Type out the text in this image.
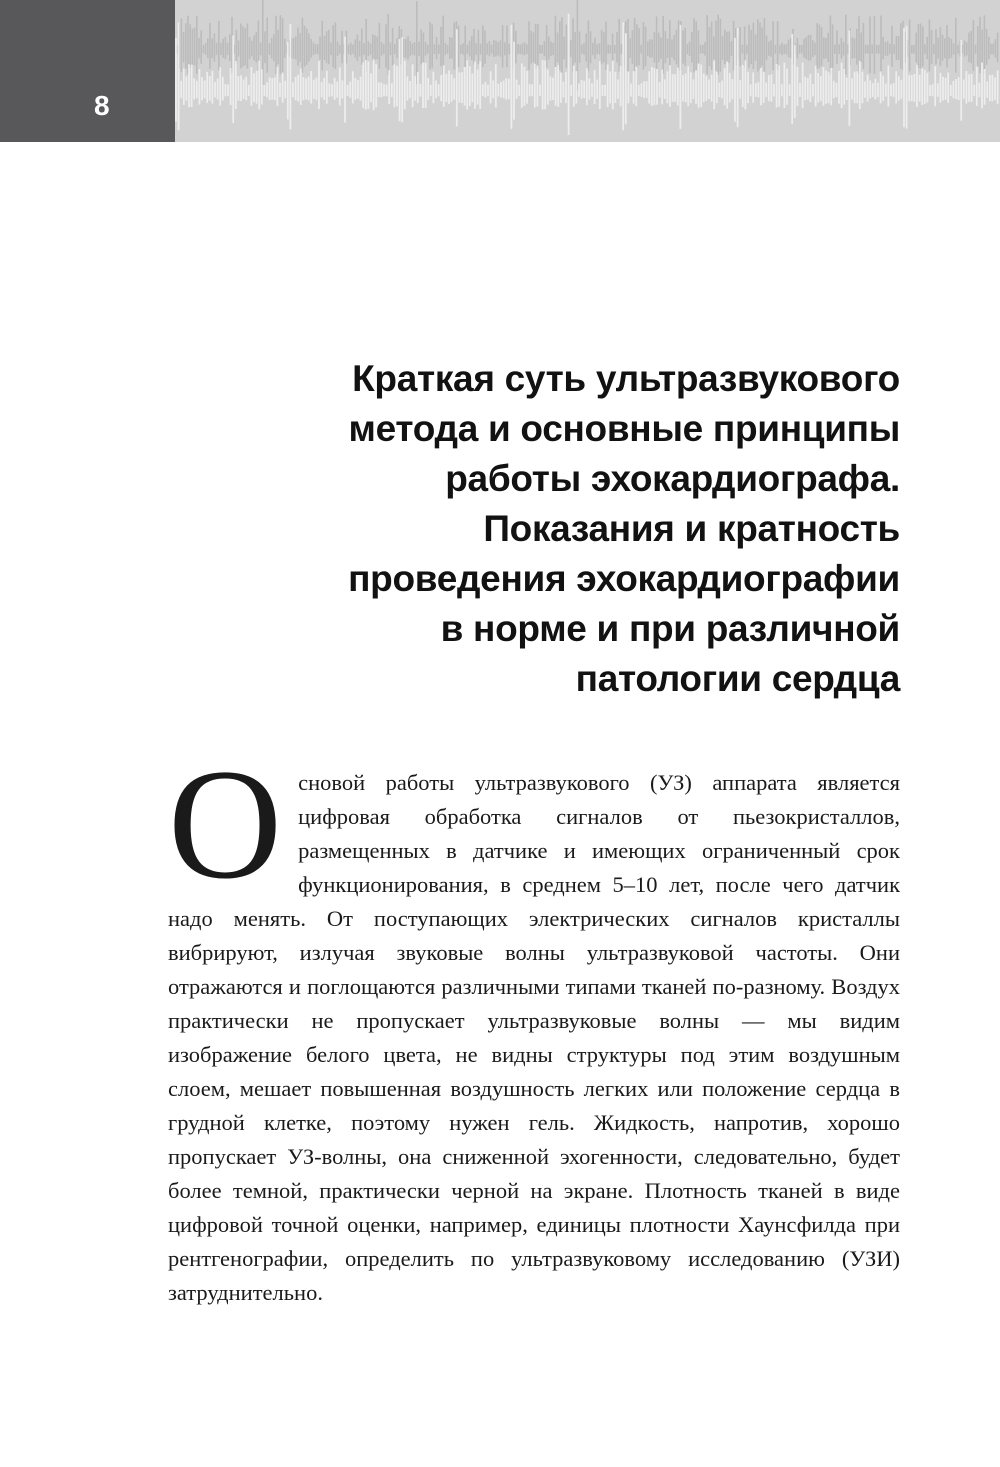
8
Краткая суть ультразвукового
метода и основные принципы
работы эхокардиографа.
Показания и кратность
проведения эхокардиографии
в норме и при различной
патологии сердца

Основой работы ультразвукового (УЗ) аппарата является цифровая обработка сигналов от пьезокристаллов, размещенных в датчике и имеющих ограниченный срок функционирования, в среднем 5–10 лет, после чего датчик надо менять. От поступающих электрических сигналов кристаллы вибрируют, излучая звуковые волны ультразвуковой частоты. Они отражаются и поглощаются различными типами тканей по-разному. Воздух практически не пропускает ультразвуковые волны — мы видим изображение белого цвета, не видны структуры под этим воздушным слоем, мешает повышенная воздушность легких или положение сердца в грудной клетке, поэтому нужен гель. Жидкость, напротив, хорошо пропускает УЗ-волны, она сниженной эхогенности, следовательно, будет более темной, практически черной на экране. Плотность тканей в виде цифровой точной оценки, например, единицы плотности Хаунсфилда при рентгенографии, определить по ультразвуковому исследованию (УЗИ) затруднительно.
